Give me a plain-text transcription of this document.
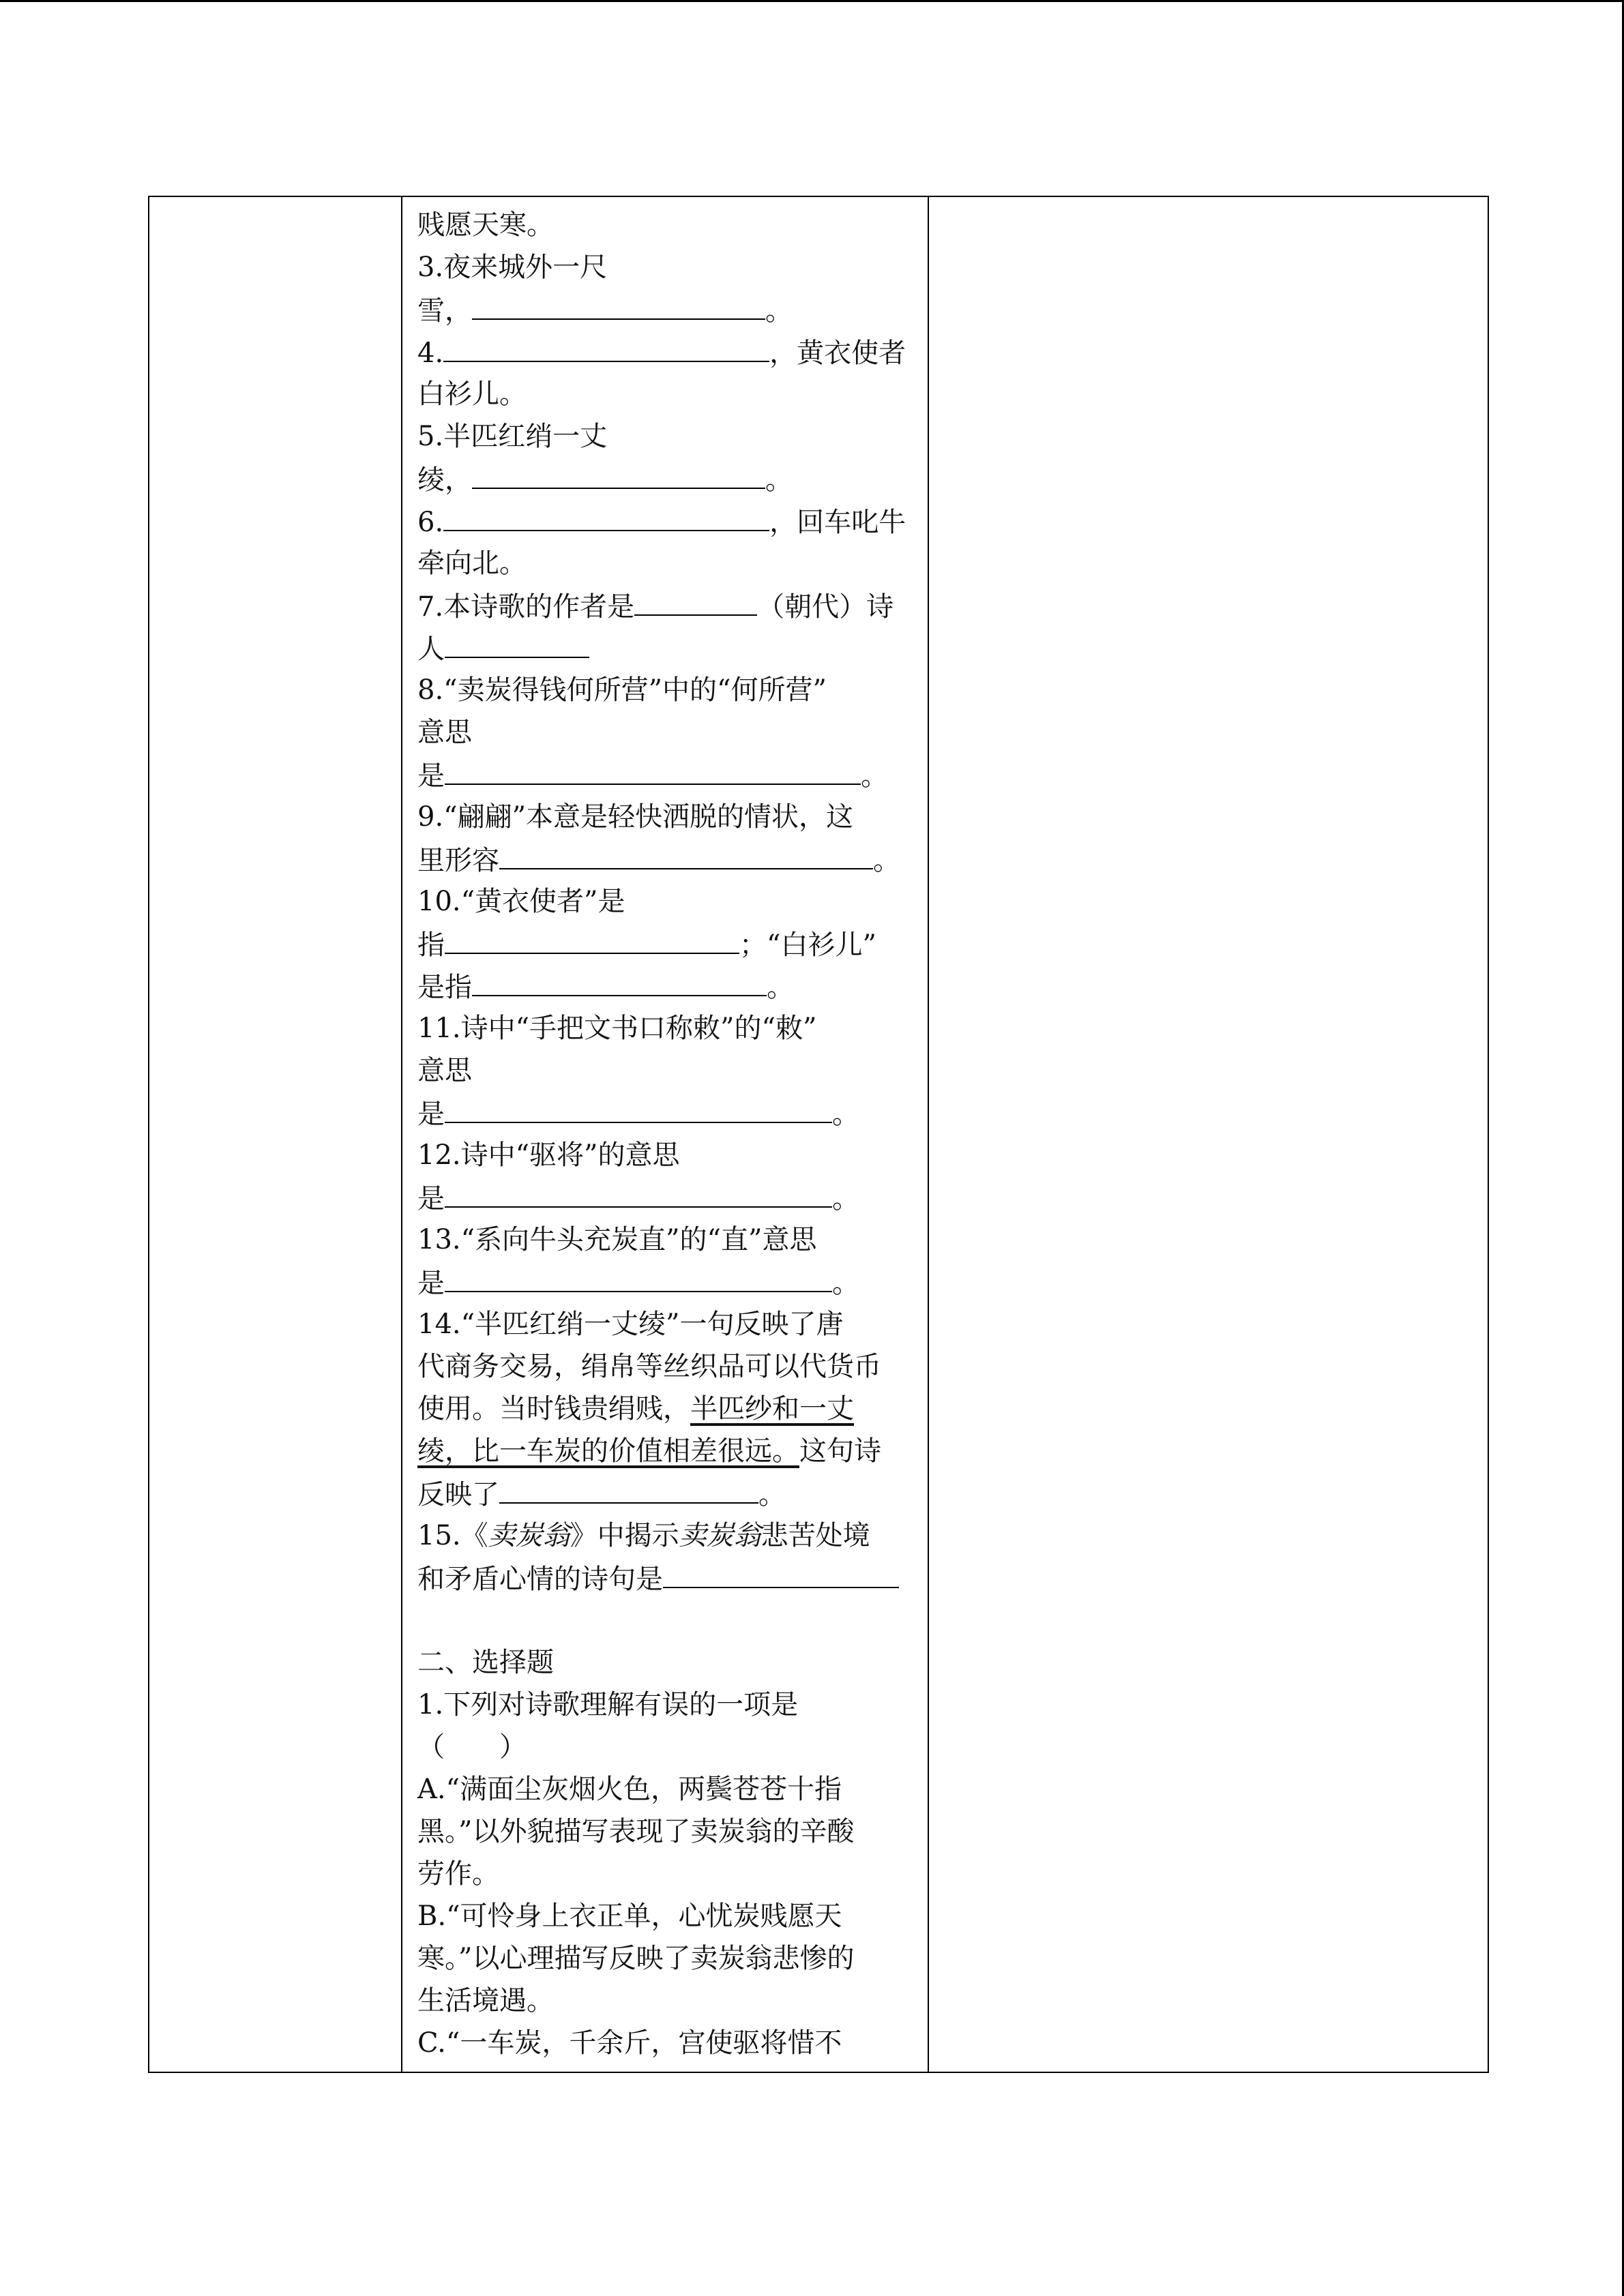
贱愿天寒。
3.夜来城外一尺
雪，	。
4.	，黄衣使者
白衫儿。
5.半匹红绡一丈
绫，	。
6.	，回车叱牛
牵向北。
7.本诗歌的作者是	（朝代）诗
人
8.“卖炭得钱何所营”中的“何所营”
意思
是	。
9.“翩翩”本意是轻快洒脱的情状，这
里形容	。
10.“黄衣使者”是
指	；“白衫儿”
是指	。
11.诗中“手把文书口称敕”的“敕”
意思
是	。
12.诗中“驱将”的意思
是	。
13.“系向牛头充炭直”的“直”意思
是	。
14.“半匹红绡一丈绫”一句反映了唐
代商务交易，绢帛等丝织品可以代货币
使用。当时钱贵绢贱，半匹纱和一丈
绫，比一车炭的价值相差很远。这句诗
反映了	。
15.《卖炭翁》中揭示卖炭翁悲苦处境
和矛盾心情的诗句是
二、选择题
1.下列对诗歌理解有误的一项是
（　　）
A.“满面尘灰烟火色，两鬓苍苍十指
黑。”以外貌描写表现了卖炭翁的辛酸
劳作。
B.“可怜身上衣正单，心忧炭贱愿天
寒。”以心理描写反映了卖炭翁悲惨的
生活境遇。
C.“一车炭，千余斤，宫使驱将惜不
